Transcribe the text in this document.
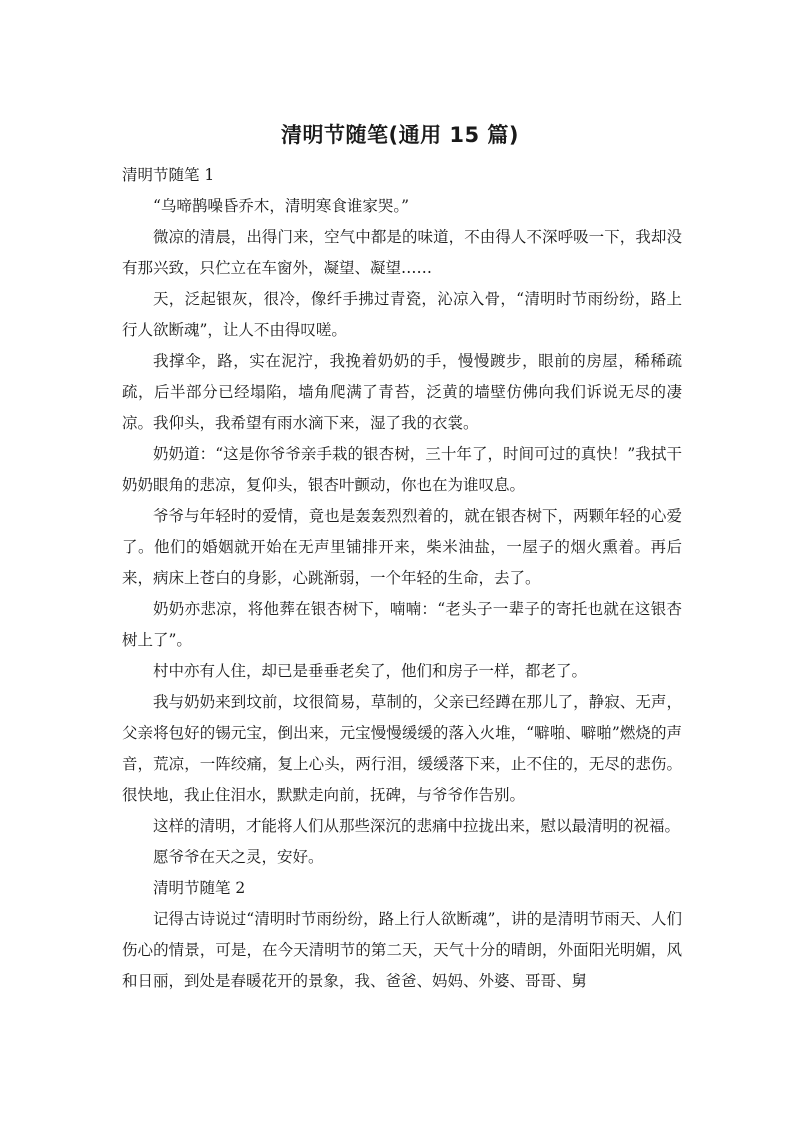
清明节随笔(通用 15 篇)

清明节随笔 1

“乌啼鹊噪昏乔木，清明寒食谁家哭。”

微凉的清晨，出得门来，空气中都是的味道，不由得人不深呼吸一下，我却没有那兴致，只伫立在车窗外，凝望、凝望……

天，泛起银灰，很冷，像纤手拂过青瓷，沁凉入骨，“清明时节雨纷纷，路上行人欲断魂”，让人不由得叹嗟。

我撑伞，路，实在泥泞，我挽着奶奶的手，慢慢踱步，眼前的房屋，稀稀疏疏，后半部分已经塌陷，墙角爬满了青苔，泛黄的墙壁仿佛向我们诉说无尽的凄凉。我仰头，我希望有雨水滴下来，湿了我的衣裳。

奶奶道：“这是你爷爷亲手栽的银杏树，三十年了，时间可过的真快！”我拭干奶奶眼角的悲凉，复仰头，银杏叶颤动，你也在为谁叹息。

爷爷与年轻时的爱情，竟也是轰轰烈烈着的，就在银杏树下，两颗年轻的心爱了。他们的婚姻就开始在无声里铺排开来，柴米油盐，一屋子的烟火熏着。再后来，病床上苍白的身影，心跳渐弱，一个年轻的生命，去了。

奶奶亦悲凉，将他葬在银杏树下，喃喃：“老头子一辈子的寄托也就在这银杏树上了”。

村中亦有人住，却已是垂垂老矣了，他们和房子一样，都老了。

我与奶奶来到坟前，坟很简易，草制的，父亲已经蹲在那儿了，静寂、无声，父亲将包好的锡元宝，倒出来，元宝慢慢缓缓的落入火堆，“噼啪、噼啪”燃烧的声音，荒凉，一阵绞痛，复上心头，两行泪，缓缓落下来，止不住的，无尽的悲伤。很快地，我止住泪水，默默走向前，抚碑，与爷爷作告别。

这样的清明，才能将人们从那些深沉的悲痛中拉拢出来，慰以最清明的祝福。

愿爷爷在天之灵，安好。

清明节随笔 2

记得古诗说过“清明时节雨纷纷，路上行人欲断魂”，讲的是清明节雨天、人们伤心的情景，可是，在今天清明节的第二天，天气十分的晴朗，外面阳光明媚，风和日丽，到处是春暖花开的景象，我、爸爸、妈妈、外婆、哥哥、舅
